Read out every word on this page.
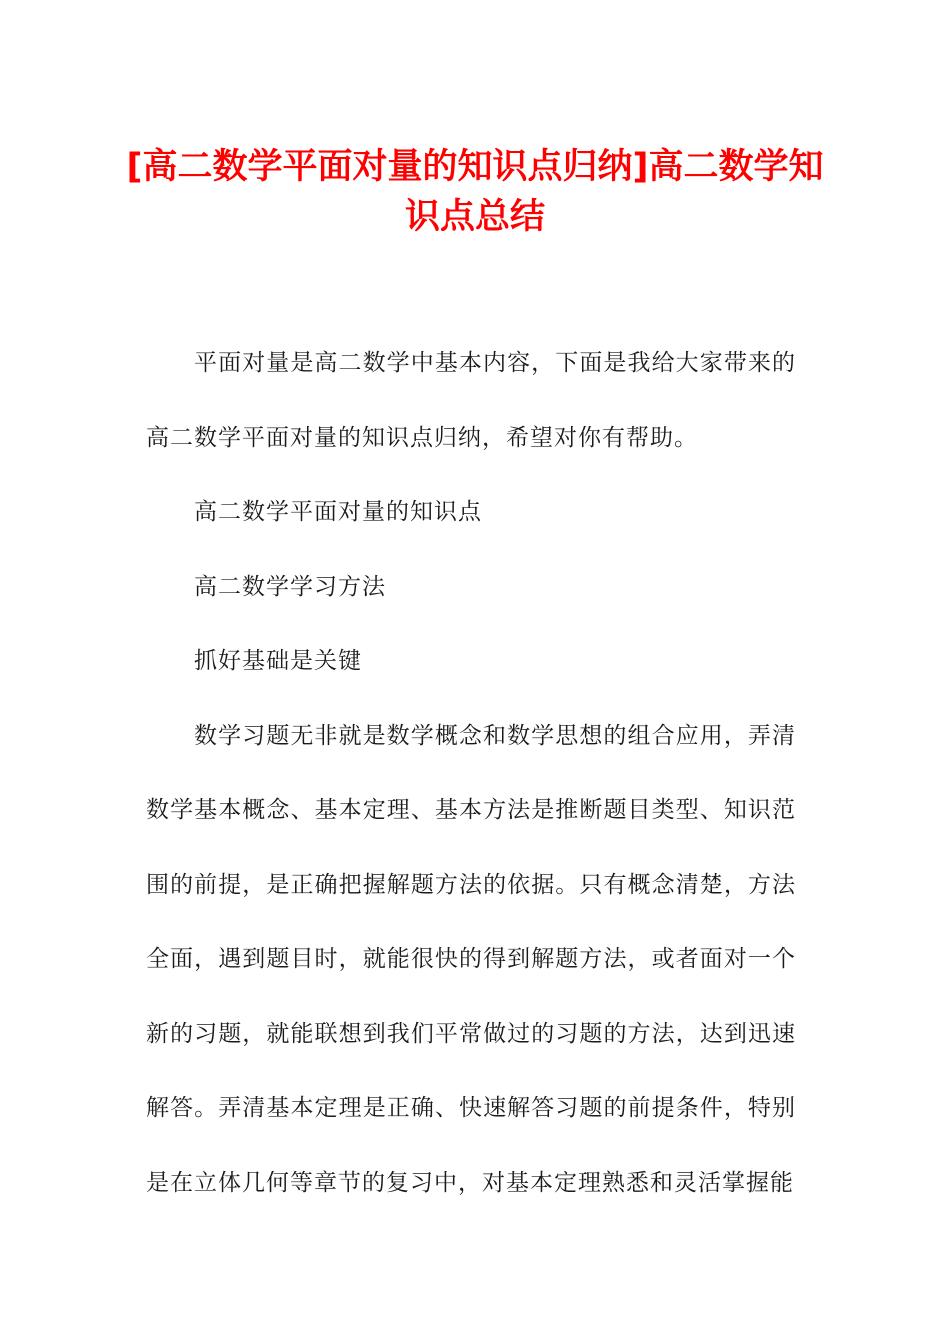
[高二数学平面对量的知识点归纳]高二数学知识点总结

平面对量是高二数学中基本内容，下面是我给大家带来的高二数学平面对量的知识点归纳，希望对你有帮助。

高二数学平面对量的知识点

高二数学学习方法

抓好基础是关键

数学习题无非就是数学概念和数学思想的组合应用，弄清数学基本概念、基本定理、基本方法是推断题目类型、知识范围的前提，是正确把握解题方法的依据。只有概念清楚，方法全面，遇到题目时，就能很快的得到解题方法，或者面对一个新的习题，就能联想到我们平常做过的习题的方法，达到迅速解答。弄清基本定理是正确、快速解答习题的前提条件，特别是在立体几何等章节的复习中，对基本定理熟悉和灵活掌握能
